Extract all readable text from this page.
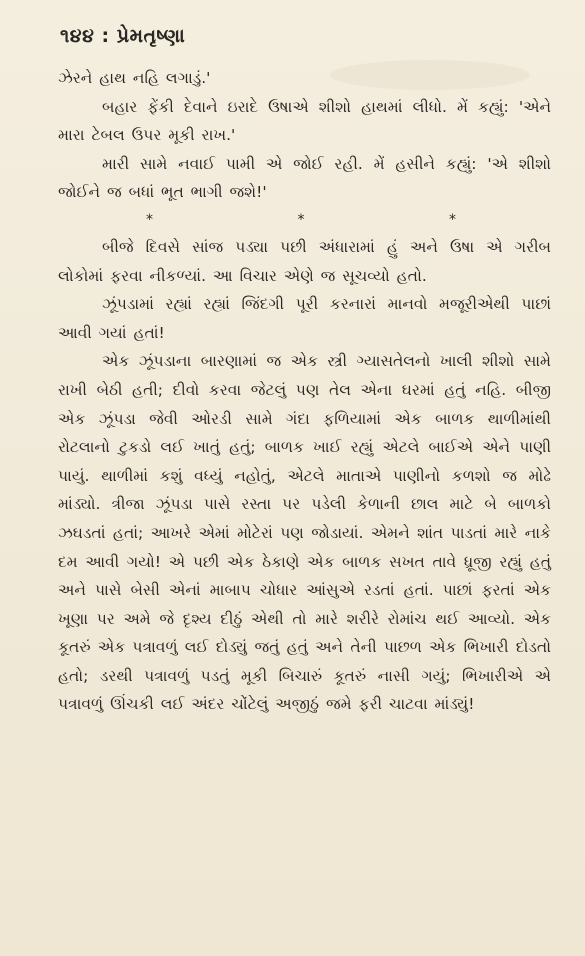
૧૪૪ : પ્રેમતૃષ્ણા

ઝેરને હાથ નહિ લગાડું.'

બહાર ફેંકી દેવાને ઇરાદે ઉષાએ શીશો હાથમાં લીધો. મેં કહ્યું: 'એને મારા ટેબલ ઉપર મૂકી રાખ.'

મારી સામે નવાઈ પામી એ જોઈ રહી. મેં હસીને કહ્યું: 'એ શીશો જોઈને જ બધાં ભૂત ભાગી જશે!'

*	*	*

બીજે દિવસે સાંજ પડ્યા પછી અંધારામાં હું અને ઉષા એ ગરીબ લોકોમાં ફરવા નીકળ્યાં. આ વિચાર એણે જ સૂચવ્યો હતો.

ઝૂંપડામાં રહ્યાં રહ્યાં જિંદગી પૂરી કરનારાં માનવો મજૂરીએથી પાછાં આવી ગયાં હતાં!

એક ઝૂંપડાના બારણામાં જ એક સ્ત્રી ગ્યાસતેલનો ખાલી શીશો સામે રાખી બેઠી હતી; દીવો કરવા જેટલું પણ તેલ એના ઘરમાં હતું નહિ. બીજી એક ઝૂંપડા જેવી ઓરડી સામે ગંદા ફળિયામાં એક બાળક થાળીમાંથી રોટલાનો ટુકડો લઈ ખાતું હતું; બાળક ખાઈ રહ્યું એટલે બાઈએ એને પાણી પાયું. થાળીમાં કશું વધ્યું નહોતું, એટલે માતાએ પાણીનો કળશો જ મોઢે માંડ્યો. ત્રીજા ઝૂંપડા પાસે રસ્તા પર પડેલી કેળાની છાલ માટે બે બાળકો ઝઘડતાં હતાં; આખરે એમાં મોટેરાં પણ જોડાયાં. એમને શાંત પાડતાં મારે નાકે દમ આવી ગયો! એ પછી એક ઠેકાણે એક બાળક સખત તાવે ધ્રૂજી રહ્યું હતું અને પાસે બેસી એનાં માબાપ ચોધાર આંસુએ રડતાં હતાં. પાછાં ફરતાં એક ખૂણા પર અમે જે દૃશ્ય દીઠું એથી તો મારે શરીરે રોમાંચ થઈ આવ્યો. એક કૂતરું એક પત્રાવળું લઈ દોડ્યું જતું હતું અને તેની પાછળ એક ભિખારી દોડતો હતો; ડરથી પત્રાવળું પડતું મૂકી બિચારું કૂતરું નાસી ગયું; ભિખારીએ એ પત્રાવળું ઊંચકી લઈ અંદર ચોંટેલું અજીઠું જમે ફરી ચાટવા માંડ્યું!
